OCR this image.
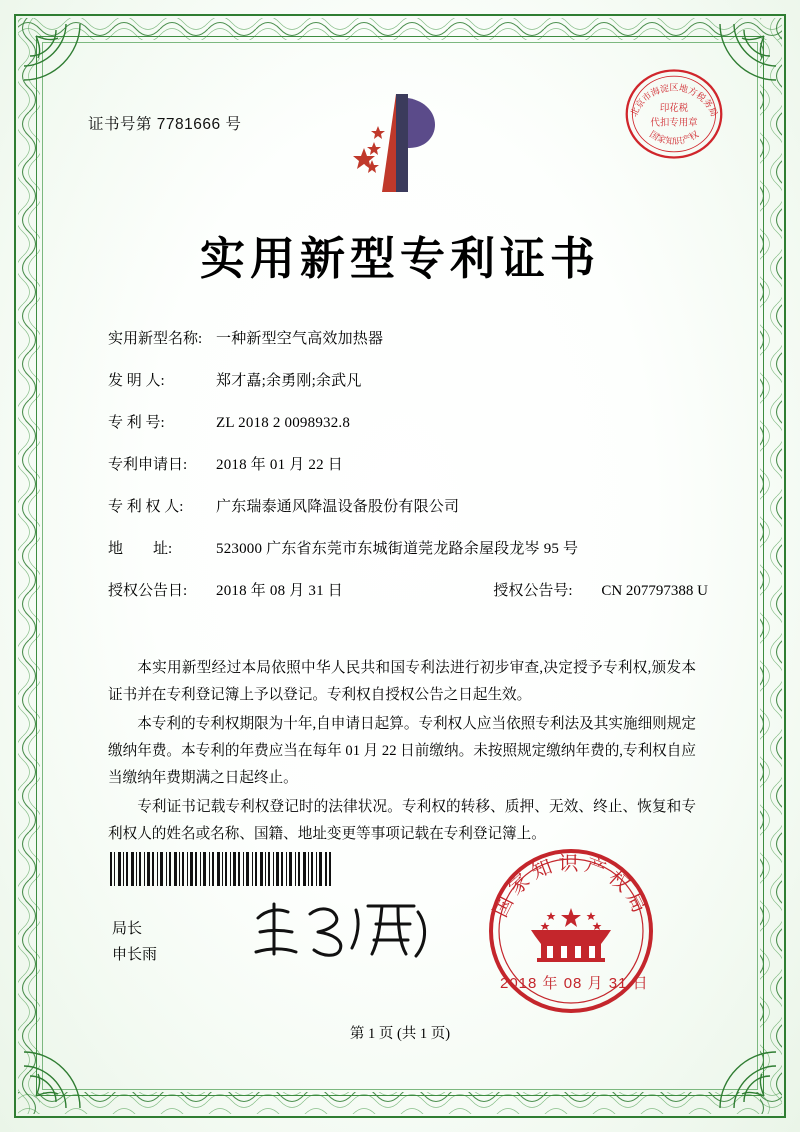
证书号第 7781666 号
北京市海淀区地方税务局
国家知识产权
印花税
代扣专用章
实用新型专利证书
实用新型名称: 一种新型空气高效加热器
发 明 人:	郑才嚞;余勇刚;余武凡
专 利 号:	ZL 2018 2 0098932.8
专利申请日:	2018 年 01 月 22 日
专 利 权 人:	广东瑞泰通风降温设备股份有限公司
地        址:	523000 广东省东莞市东城街道莞龙路余屋段龙岑 95 号
授权公告日:	2018 年 08 月 31 日	授权公告号:	CN 207797388 U

本实用新型经过本局依照中华人民共和国专利法进行初步审查,决定授予专利权,颁发本证书并在专利登记簿上予以登记。专利权自授权公告之日起生效。

本专利的专利权期限为十年,自申请日起算。专利权人应当依照专利法及其实施细则规定缴纳年费。本专利的年费应当在每年 01 月 22 日前缴纳。未按照规定缴纳年费的,专利权自应当缴纳年费期满之日起终止。

专利证书记载专利权登记时的法律状况。专利权的转移、质押、无效、终止、恢复和专利权人的姓名或名称、国籍、地址变更等事项记载在专利登记簿上。

局长
申长雨
国家知识产权局
2018 年 08 月 31 日
第 1 页 (共 1 页)
